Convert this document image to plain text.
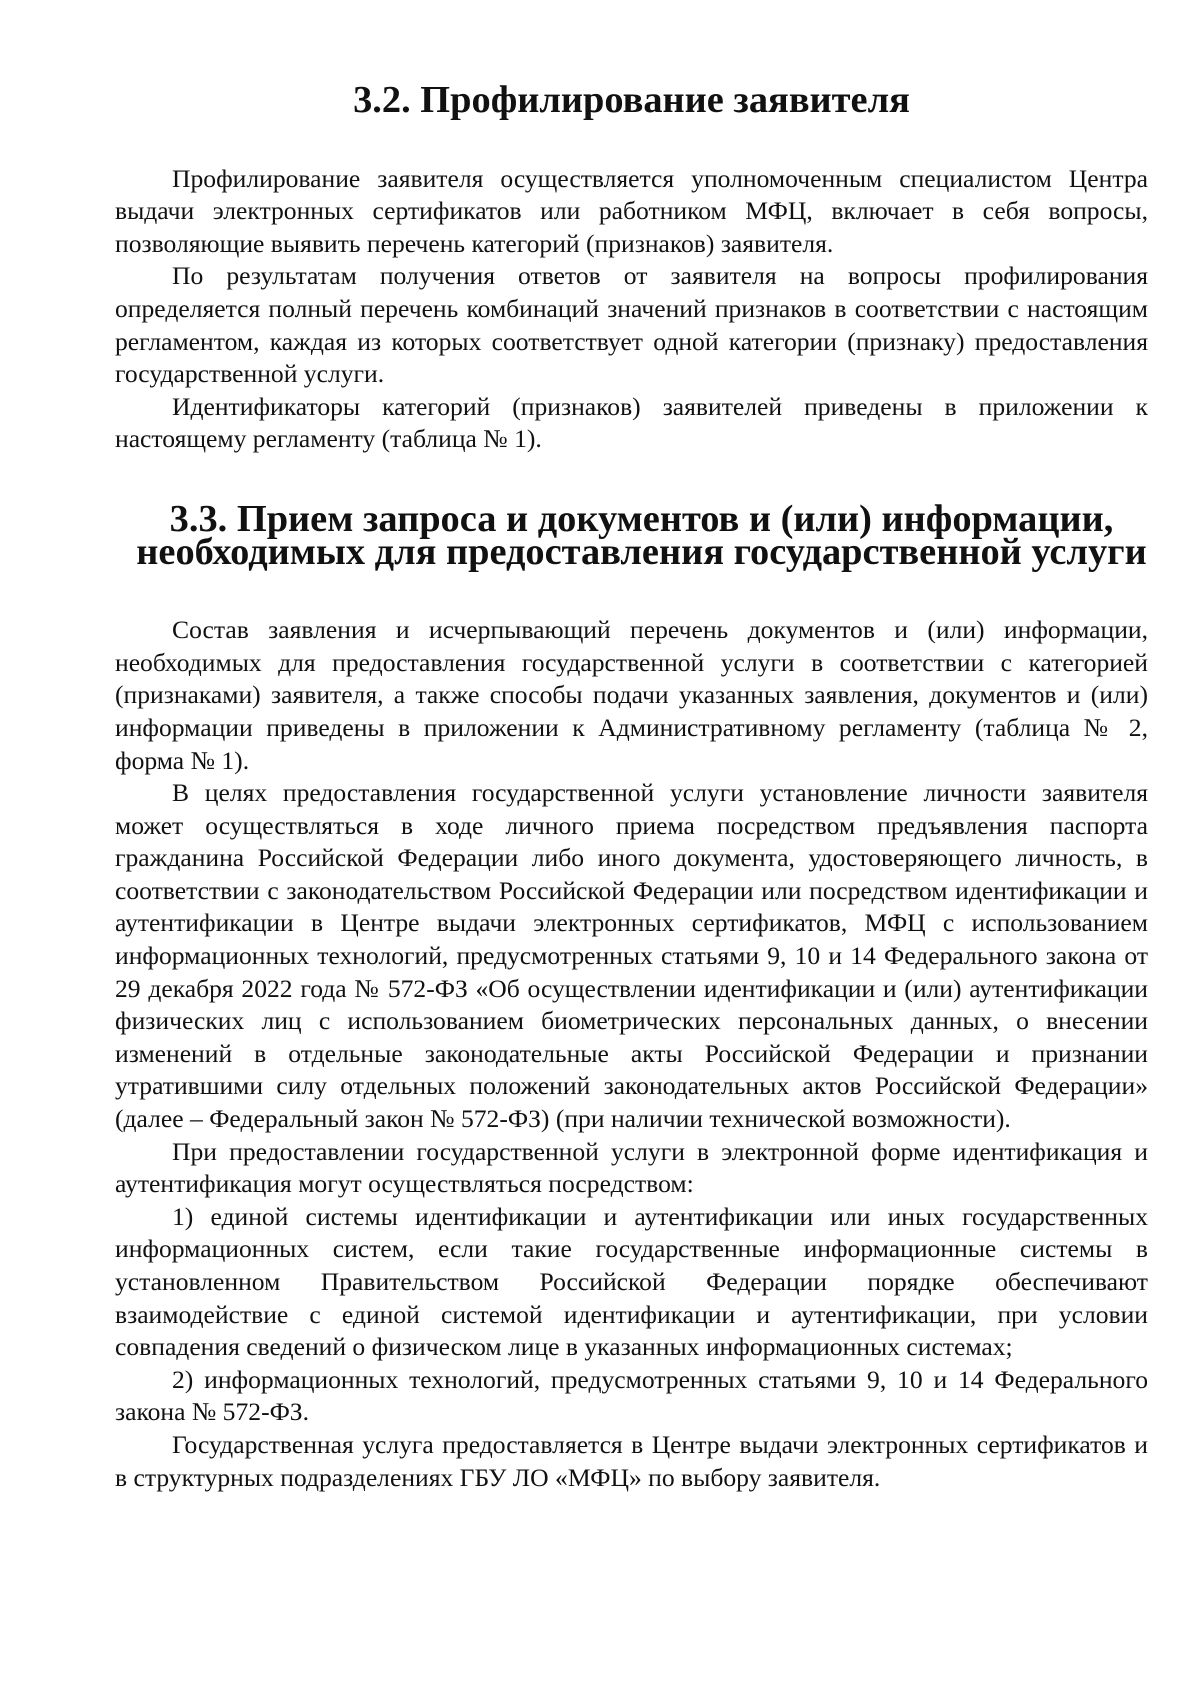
3.2. Профилирование заявителя

Профилирование заявителя осуществляется уполномоченным специалистом Центра выдачи электронных сертификатов или работником МФЦ, включает в себя вопросы, позволяющие выявить перечень категорий (признаков) заявителя.

По результатам получения ответов от заявителя на вопросы профилирования определяется полный перечень комбинаций значений признаков в соответствии с настоящим регламентом, каждая из которых соответствует одной категории (признаку) предоставления государственной услуги.

Идентификаторы категорий (признаков) заявителей приведены в приложении к настоящему регламенту (таблица № 1).

3.3. Прием запроса и документов и (или) информации,
необходимых для предоставления государственной услуги

Состав заявления и исчерпывающий перечень документов и (или) информации, необходимых для предоставления государственной услуги в соответствии с категорией (признаками) заявителя, а также способы подачи указанных заявления, документов и (или) информации приведены в приложении к Административному регламенту (таблица № 2, форма № 1).

В целях предоставления государственной услуги установление личности заявителя может осуществляться в ходе личного приема посредством предъявления паспорта гражданина Российской Федерации либо иного документа, удостоверяющего личность, в соответствии с законодательством Российской Федерации или посредством идентификации и аутентификации в Центре выдачи электронных сертификатов, МФЦ с использованием информационных технологий, предусмотренных статьями 9, 10 и 14 Федерального закона от 29 декабря 2022 года № 572-ФЗ «Об осуществлении идентификации и (или) аутентификации физических лиц с использованием биометрических персональных данных, о внесении изменений в отдельные законодательные акты Российской Федерации и признании утратившими силу отдельных положений законодательных актов Российской Федерации» (далее – Федеральный закон № 572-ФЗ) (при наличии технической возможности).

При предоставлении государственной услуги в электронной форме идентификация и аутентификация могут осуществляться посредством:

1) единой системы идентификации и аутентификации или иных государственных информационных систем, если такие государственные информационные системы в установленном Правительством Российской Федерации порядке обеспечивают взаимодействие с единой системой идентификации и аутентификации, при условии совпадения сведений о физическом лице в указанных информационных системах;

2) информационных технологий, предусмотренных статьями 9, 10 и 14 Федерального закона № 572-ФЗ.

Государственная услуга предоставляется в Центре выдачи электронных сертификатов и в структурных подразделениях ГБУ ЛО «МФЦ» по выбору заявителя.
